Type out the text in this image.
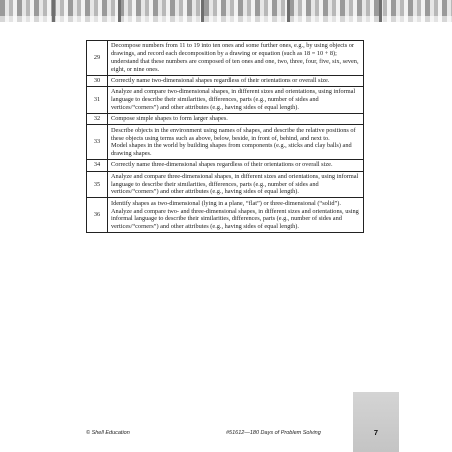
29	Decompose numbers from 11 to 19 into ten ones and some further ones, e.g., by using objects or drawings, and record each decomposition by a drawing or equation (such as 18 = 10 + 8); understand that these numbers are composed of ten ones and one, two, three, four, five, six, seven, eight, or nine ones.

30	Correctly name two-dimensional shapes regardless of their orientations or overall size.

31	Analyze and compare two-dimensional shapes, in different sizes and orientations, using informal language to describe their similarities, differences, parts (e.g., number of sides and vertices/“corners”) and other attributes (e.g., having sides of equal length).

32	Compose simple shapes to form larger shapes.

33	Describe objects in the environment using names of shapes, and describe the relative positions of these objects using terms such as above, below, beside, in front of, behind, and next to.

Model shapes in the world by building shapes from components (e.g., sticks and clay balls) and drawing shapes.

34	Correctly name three-dimensional shapes regardless of their orientations or overall size.

35	Analyze and compare three-dimensional shapes, in different sizes and orientations, using informal language to describe their similarities, differences, parts (e.g., number of sides and vertices/“corners”) and other attributes (e.g., having sides of equal length).

36	Identify shapes as two-dimensional (lying in a plane, “flat”) or three-dimensional (“solid”).

Analyze and compare two- and three-dimensional shapes, in different sizes and orientations, using informal language to describe their similarities, differences, parts (e.g., number of sides and vertices/“corners”) and other attributes (e.g., having sides of equal length).

© Shell Education	#51612—180 Days of Problem Solving	7
